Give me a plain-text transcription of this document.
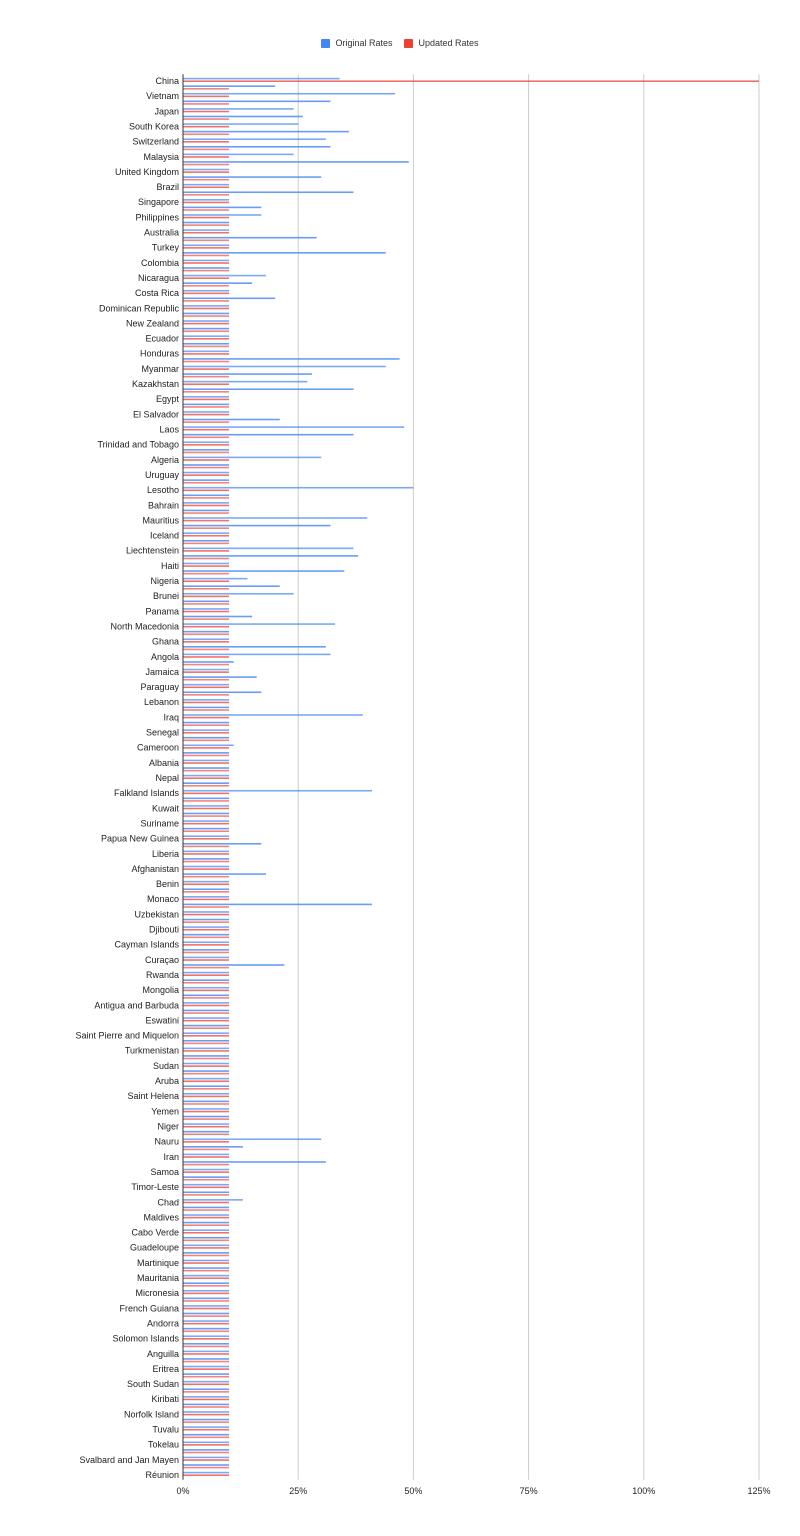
Original Rates	Updated Rates
China
Vietnam
Japan
South Korea
Switzerland
Malaysia
United Kingdom
Brazil
Singapore
Philippines
Australia
Turkey
Colombia
Nicaragua
Costa Rica
Dominican Republic
New Zealand
Ecuador
Honduras
Myanmar
Kazakhstan
Egypt
El Salvador
Laos
Trinidad and Tobago
Algeria
Uruguay
Lesotho
Bahrain
Mauritius
Iceland
Liechtenstein
Haiti
Nigeria
Brunei
Panama
North Macedonia
Ghana
Angola
Jamaica
Paraguay
Lebanon
Iraq
Senegal
Cameroon
Albania
Nepal
Falkland Islands
Kuwait
Suriname
Papua New Guinea
Liberia
Afghanistan
Benin
Monaco
Uzbekistan
Djibouti
Cayman Islands
Curaçao
Rwanda
Mongolia
Antigua and Barbuda
Eswatini
Saint Pierre and Miquelon
Turkmenistan
Sudan
Aruba
Saint Helena
Yemen
Niger
Nauru
Iran
Samoa
Timor-Leste
Chad
Maldives
Cabo Verde
Guadeloupe
Martinique
Mauritania
Micronesia
French Guiana
Andorra
Solomon Islands
Anguilla
Eritrea
South Sudan
Kiribati
Norfolk Island
Tuvalu
Tokelau
Svalbard and Jan Mayen
Réunion
0%	25%	50%	75%	100%	125%
